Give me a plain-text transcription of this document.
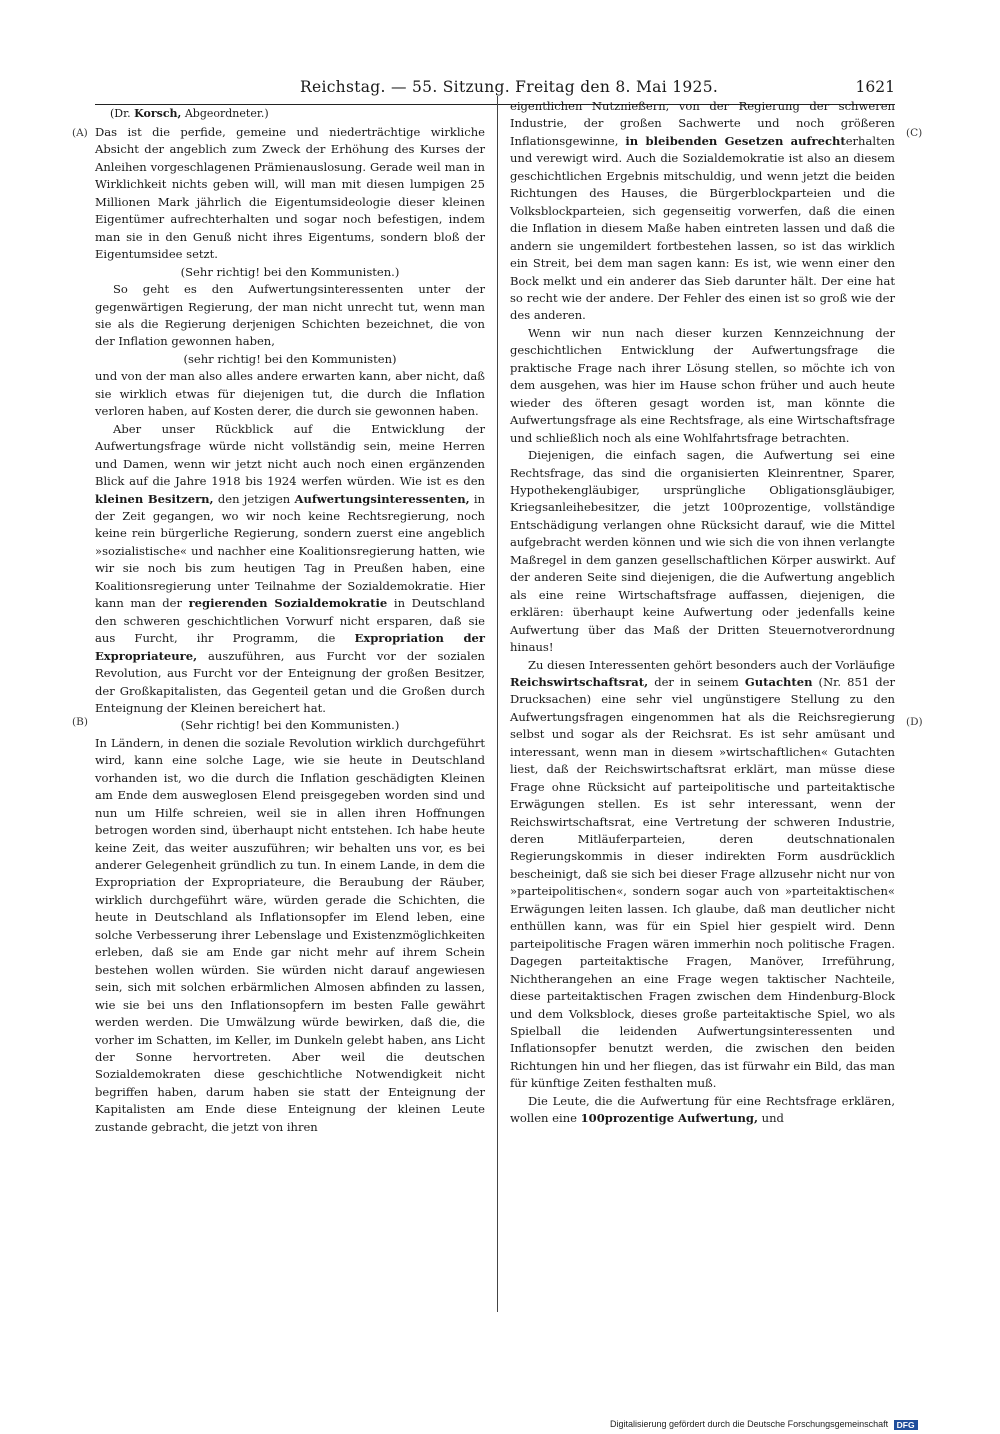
Reichstag. — 55. Sitzung. Freitag den 8. Mai 1925.	1621
(Dr. Korsch, Abgeordneter.)
(A)
(B)
(C)
(D)

Das ist die perfide, gemeine und niederträchtige wirkliche Absicht der angeblich zum Zweck der Erhöhung des Kurses der Anleihen vorgeschlagenen Prämienauslosung. Gerade weil man in Wirklichkeit nichts geben will, will man mit diesen lumpigen 25 Millionen Mark jährlich die Eigentumsideologie dieser kleinen Eigentümer aufrechterhalten und sogar noch befestigen, indem man sie in den Genuß nicht ihres Eigentums, sondern bloß der Eigentumsidee setzt.

(Sehr richtig! bei den Kommunisten.)

So geht es den Aufwertungsinteressenten unter der gegenwärtigen Regierung, der man nicht unrecht tut, wenn man sie als die Regierung derjenigen Schichten bezeichnet, die von der Inflation gewonnen haben,

(sehr richtig! bei den Kommunisten)

und von der man also alles andere erwarten kann, aber nicht, daß sie wirklich etwas für diejenigen tut, die durch die Inflation verloren haben, auf Kosten derer, die durch sie gewonnen haben.

Aber unser Rückblick auf die Entwicklung der Aufwertungsfrage würde nicht vollständig sein, meine Herren und Damen, wenn wir jetzt nicht auch noch einen ergänzenden Blick auf die Jahre 1918 bis 1924 werfen würden. Wie ist es den kleinen Besitzern, den jetzigen Aufwertungsinteressenten, in der Zeit gegangen, wo wir noch keine Rechtsregierung, noch keine rein bürgerliche Regierung, sondern zuerst eine angeblich »sozialistische« und nachher eine Koalitionsregierung hatten, wie wir sie noch bis zum heutigen Tag in Preußen haben, eine Koalitionsregierung unter Teilnahme der Sozialdemokratie. Hier kann man der regierenden Sozialdemokratie in Deutschland den schweren geschichtlichen Vorwurf nicht ersparen, daß sie aus Furcht, ihr Programm, die Expropriation der Expropriateure, auszuführen, aus Furcht vor der sozialen Revolution, aus Furcht vor der Enteignung der großen Besitzer, der Großkapitalisten, das Gegenteil getan und die Großen durch Enteignung der Kleinen bereichert hat.

(Sehr richtig! bei den Kommunisten.)

In Ländern, in denen die soziale Revolution wirklich durchgeführt wird, kann eine solche Lage, wie sie heute in Deutschland vorhanden ist, wo die durch die Inflation geschädigten Kleinen am Ende dem ausweglosen Elend preisgegeben worden sind und nun um Hilfe schreien, weil sie in allen ihren Hoffnungen betrogen worden sind, überhaupt nicht entstehen. Ich habe heute keine Zeit, das weiter auszuführen; wir behalten uns vor, es bei anderer Gelegenheit gründlich zu tun. In einem Lande, in dem die Expropriation der Expropriateure, die Beraubung der Räuber, wirklich durchgeführt wäre, würden gerade die Schichten, die heute in Deutschland als Inflationsopfer im Elend leben, eine solche Verbesserung ihrer Lebenslage und Existenzmöglichkeiten erleben, daß sie am Ende gar nicht mehr auf ihrem Schein bestehen wollen würden. Sie würden nicht darauf angewiesen sein, sich mit solchen erbärmlichen Almosen abfinden zu lassen, wie sie bei uns den Inflationsopfern im besten Falle gewährt werden werden. Die Umwälzung würde bewirken, daß die, die vorher im Schatten, im Keller, im Dunkeln gelebt haben, ans Licht der Sonne hervortreten. Aber weil die deutschen Sozialdemokraten diese geschichtliche Notwendigkeit nicht begriffen haben, darum haben sie statt der Enteignung der Kapitalisten am Ende diese Enteignung der kleinen Leute zustande gebracht, die jetzt von ihren

eigentlichen Nutznießern, von der Regierung der schweren Industrie, der großen Sachwerte und noch größeren Inflationsgewinne, in bleibenden Gesetzen aufrechterhalten und verewigt wird. Auch die Sozialdemokratie ist also an diesem geschichtlichen Ergebnis mitschuldig, und wenn jetzt die beiden Richtungen des Hauses, die Bürgerblockparteien und die Volksblockparteien, sich gegenseitig vorwerfen, daß die einen die Inflation in diesem Maße haben eintreten lassen und daß die andern sie ungemildert fortbestehen lassen, so ist das wirklich ein Streit, bei dem man sagen kann: Es ist, wie wenn einer den Bock melkt und ein anderer das Sieb darunter hält. Der eine hat so recht wie der andere. Der Fehler des einen ist so groß wie der des anderen.

Wenn wir nun nach dieser kurzen Kennzeichnung der geschichtlichen Entwicklung der Aufwertungsfrage die praktische Frage nach ihrer Lösung stellen, so möchte ich von dem ausgehen, was hier im Hause schon früher und auch heute wieder des öfteren gesagt worden ist, man könnte die Aufwertungsfrage als eine Rechtsfrage, als eine Wirtschaftsfrage und schließlich noch als eine Wohlfahrtsfrage betrachten.

Diejenigen, die einfach sagen, die Aufwertung sei eine Rechtsfrage, das sind die organisierten Kleinrentner, Sparer, Hypothekengläubiger, ursprüngliche Obligationsgläubiger, Kriegsanleihebesitzer, die jetzt 100prozentige, vollständige Entschädigung verlangen ohne Rücksicht darauf, wie die Mittel aufgebracht werden können und wie sich die von ihnen verlangte Maßregel in dem ganzen gesellschaftlichen Körper auswirkt. Auf der anderen Seite sind diejenigen, die die Aufwertung angeblich als eine reine Wirtschaftsfrage auffassen, diejenigen, die erklären: überhaupt keine Aufwertung oder jedenfalls keine Aufwertung über das Maß der Dritten Steuernotverordnung hinaus!

Zu diesen Interessenten gehört besonders auch der Vorläufige Reichswirtschaftsrat, der in seinem Gutachten (Nr. 851 der Drucksachen) eine sehr viel ungünstigere Stellung zu den Aufwertungsfragen eingenommen hat als die Reichsregierung selbst und sogar als der Reichsrat. Es ist sehr amüsant und interessant, wenn man in diesem »wirtschaftlichen« Gutachten liest, daß der Reichswirtschaftsrat erklärt, man müsse diese Frage ohne Rücksicht auf parteipolitische und parteitaktische Erwägungen stellen. Es ist sehr interessant, wenn der Reichswirtschaftsrat, eine Vertretung der schweren Industrie, deren Mitläuferparteien, deren deutschnationalen Regierungskommis in dieser indirekten Form ausdrücklich bescheinigt, daß sie sich bei dieser Frage allzusehr nicht nur von »parteipolitischen«, sondern sogar auch von »parteitaktischen« Erwägungen leiten lassen. Ich glaube, daß man deutlicher nicht enthüllen kann, was für ein Spiel hier gespielt wird. Denn parteipolitische Fragen wären immerhin noch politische Fragen. Dagegen parteitaktische Fragen, Manöver, Irreführung, Nichtherangehen an eine Frage wegen taktischer Nachteile, diese parteitaktischen Fragen zwischen dem Hindenburg-Block und dem Volksblock, dieses große parteitaktische Spiel, wo als Spielball die leidenden Aufwertungsinteressenten und Inflationsopfer benutzt werden, die zwischen den beiden Richtungen hin und her fliegen, das ist fürwahr ein Bild, das man für künftige Zeiten festhalten muß.

Die Leute, die die Aufwertung für eine Rechtsfrage erklären, wollen eine 100prozentige Aufwertung, und

Digitalisierung gefördert durch die Deutsche Forschungsgemeinschaft DFG
